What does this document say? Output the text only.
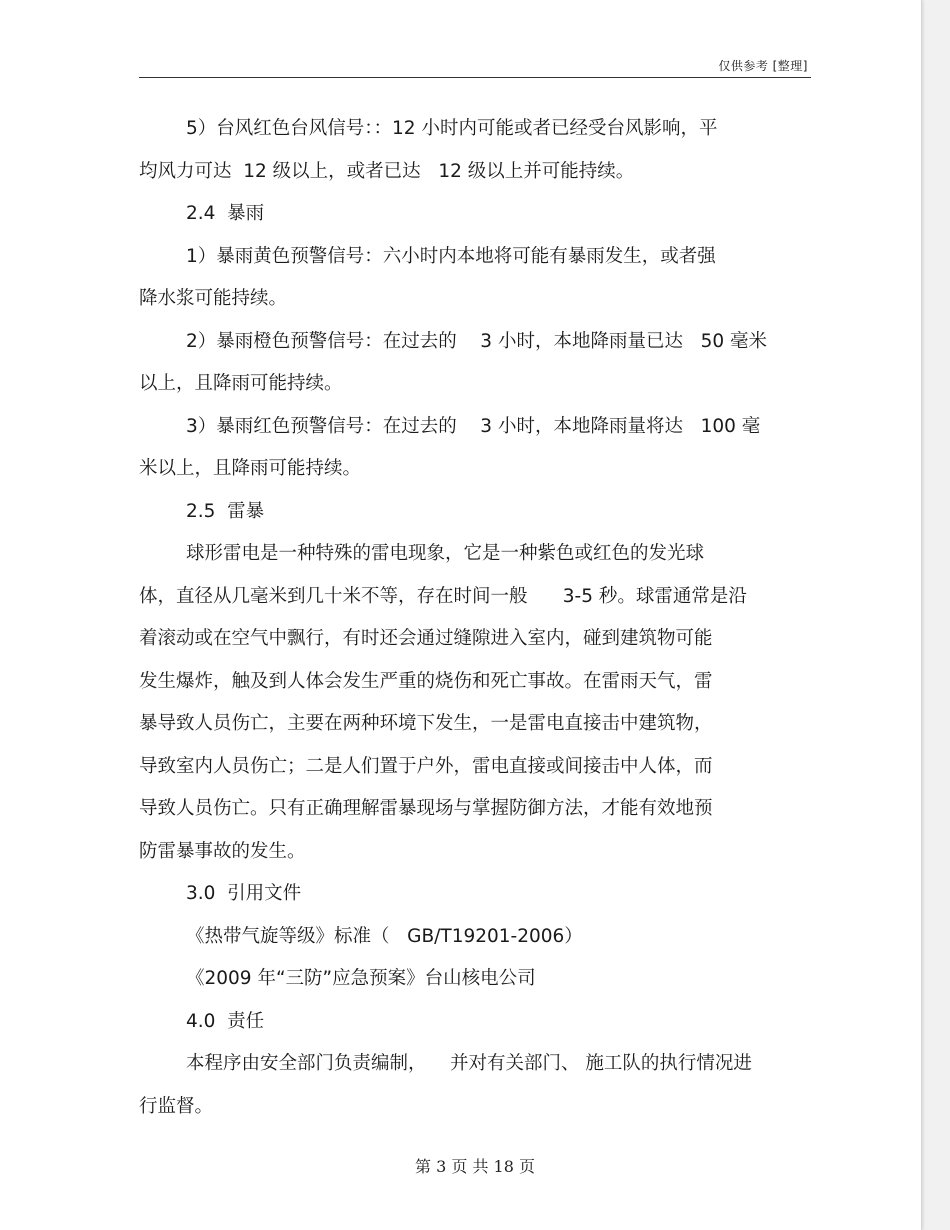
仅供参考 [整理]
5）台风红色台风信号：：12 小时内可能或者已经受台风影响，平
均风力可达  12 级以上，或者已达   12 级以上并可能持续。
2.4  暴雨
1）暴雨黄色预警信号：六小时内本地将可能有暴雨发生，或者强
降水浆可能持续。
2）暴雨橙色预警信号：在过去的    3 小时，本地降雨量已达   50 毫米
以上，且降雨可能持续。
3）暴雨红色预警信号：在过去的    3 小时，本地降雨量将达   100 毫
米以上，且降雨可能持续。
2.5  雷暴
球形雷电是一种特殊的雷电现象，它是一种紫色或红色的发光球
体，直径从几毫米到几十米不等，存在时间一般      3-5 秒。球雷通常是沿
着滚动或在空气中飘行，有时还会通过缝隙进入室内，碰到建筑物可能
发生爆炸，触及到人体会发生严重的烧伤和死亡事故。在雷雨天气，雷
暴导致人员伤亡，主要在两种环境下发生，一是雷电直接击中建筑物，
导致室内人员伤亡；二是人们置于户外，雷电直接或间接击中人体，而
导致人员伤亡。只有正确理解雷暴现场与掌握防御方法，才能有效地预
防雷暴事故的发生。
3.0  引用文件
《热带气旋等级》标准（   GB/T19201-2006）
《2009 年“三防”应急预案》台山核电公司
4.0  责任
本程序由安全部门负责编制，    并对有关部门、 施工队的执行情况进
行监督。
第 3 页 共 18 页
